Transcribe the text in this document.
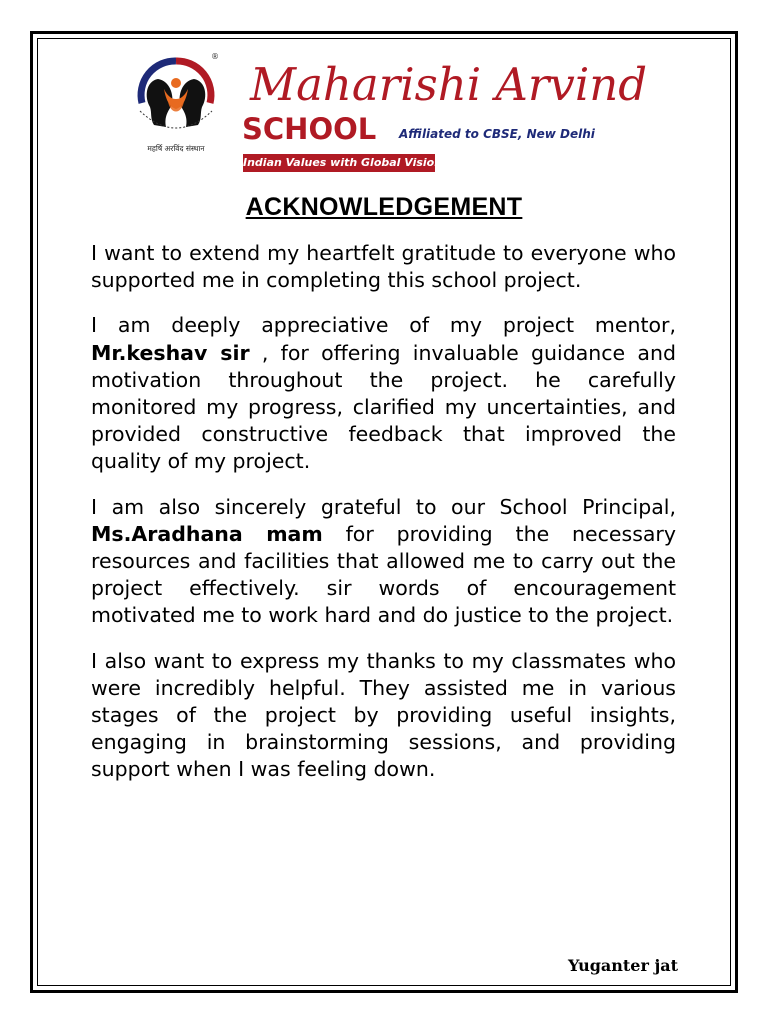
®
महर्षि अरविंद संस्थान
Maharishi Arvind
SCHOOL Affiliated to CBSE, New Delhi
Indian Values with Global Vision
ACKNOWLEDGEMENT

I want to extend my heartfelt gratitude to everyone who supported me in completing this school project.

I am deeply appreciative of my project mentor, Mr.keshav sir , for offering invaluable guidance and motivation throughout the project. he carefully monitored my progress, clarified my uncertainties, and provided constructive feedback that improved the quality of my project.

I am also sincerely grateful to our School Principal, Ms.Aradhana mam for providing the necessary resources and facilities that allowed me to carry out the project effectively. sir words of encouragement motivated me to work hard and do justice to the project.

I also want to express my thanks to my classmates who were incredibly helpful. They assisted me in various stages of the project by providing useful insights, engaging in brainstorming sessions, and providing support when I was feeling down.

Yuganter jat
